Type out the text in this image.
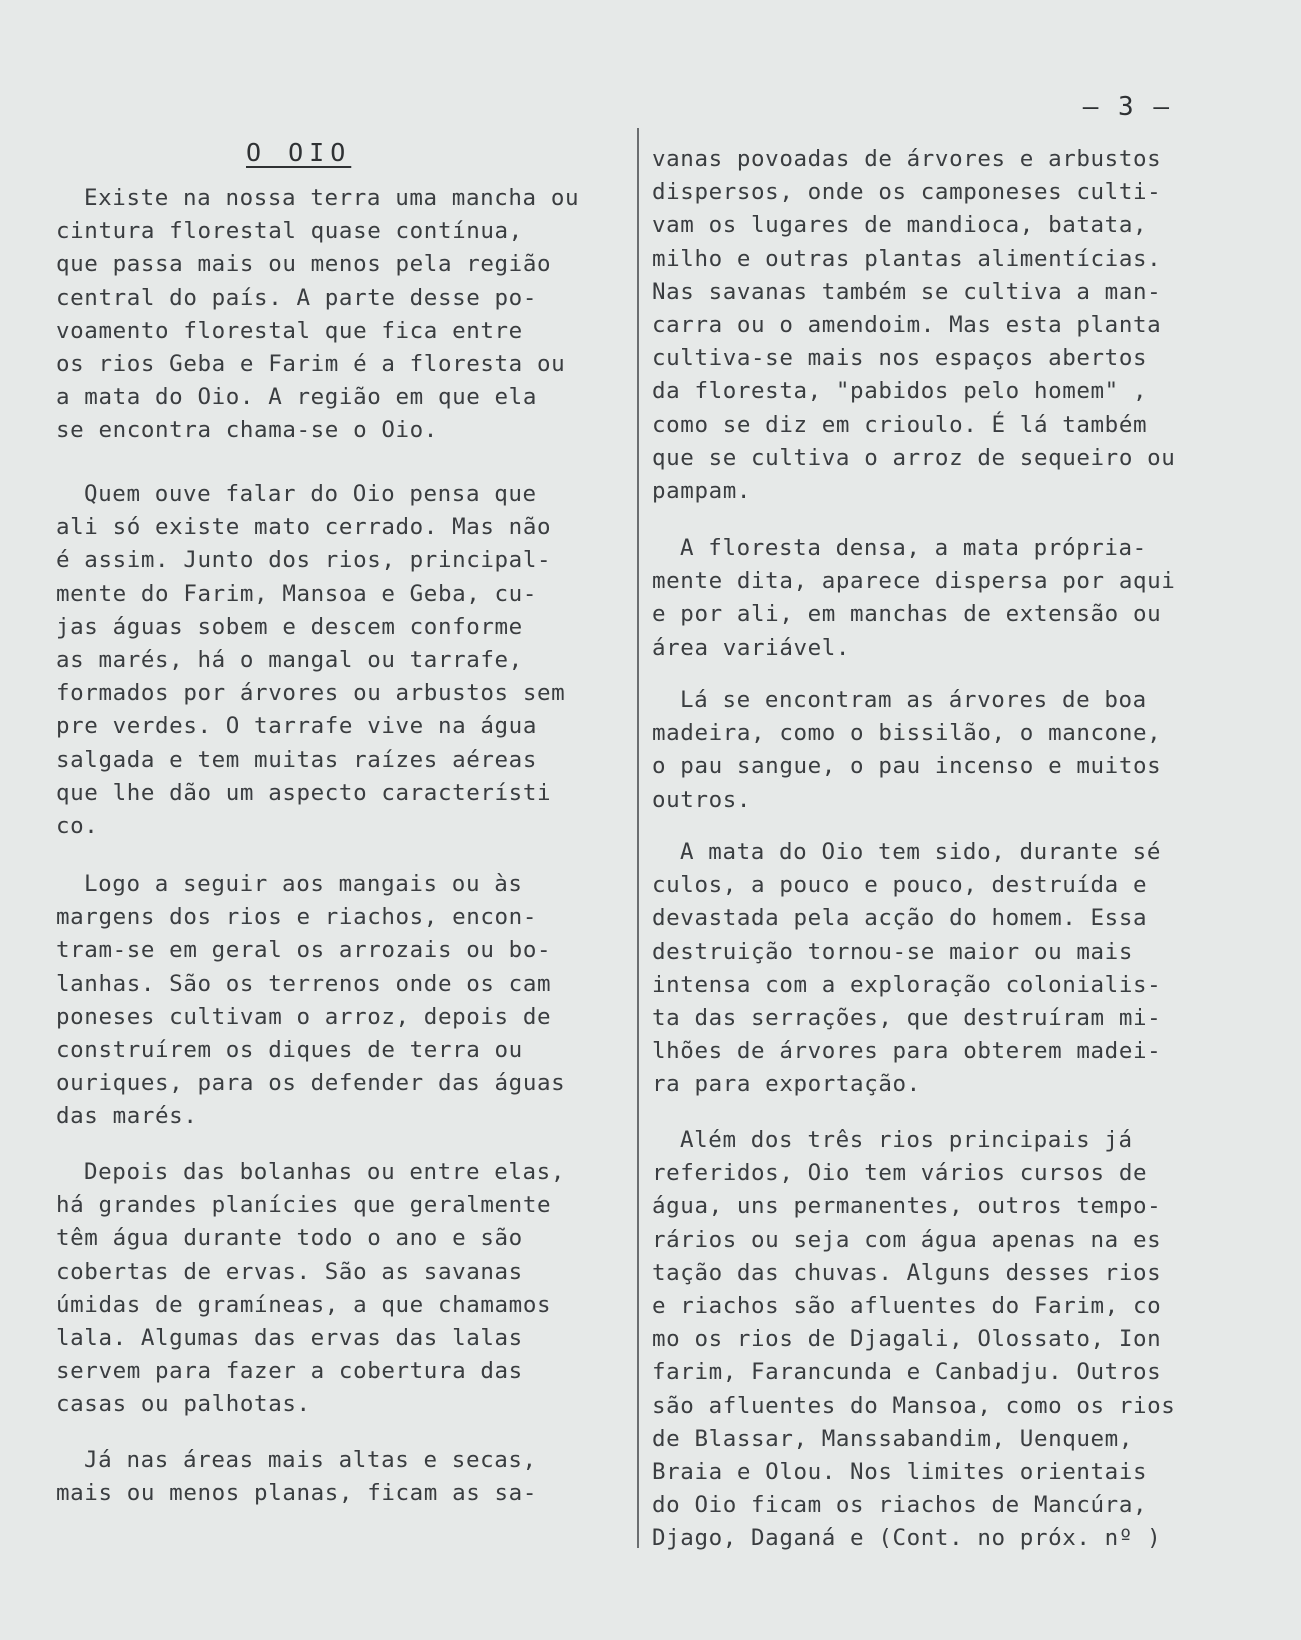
– 3 –
O OIO
Existe na nossa terra uma mancha ou
cintura florestal quase contínua,
que passa mais ou menos pela região
central do país. A parte desse po-
voamento florestal que fica entre
os rios Geba e Farim é a floresta ou
a mata do Oio. A região em que ela
se encontra chama-se o Oio.
Quem ouve falar do Oio pensa que
ali só existe mato cerrado. Mas não
é assim. Junto dos rios, principal-
mente do Farim, Mansoa e Geba, cu-
jas águas sobem e descem conforme
as marés, há o mangal ou tarrafe,
formados por árvores ou arbustos sem
pre verdes. O tarrafe vive na água
salgada e tem muitas raízes aéreas
que lhe dão um aspecto característi
co.
Logo a seguir aos mangais ou às
margens dos rios e riachos, encon-
tram-se em geral os arrozais ou bo-
lanhas. São os terrenos onde os cam
poneses cultivam o arroz, depois de
construírem os diques de terra ou
ouriques, para os defender das águas
das marés.
Depois das bolanhas ou entre elas,
há grandes planícies que geralmente
têm água durante todo o ano e são
cobertas de ervas. São as savanas
úmidas de gramíneas, a que chamamos
lala. Algumas das ervas das lalas
servem para fazer a cobertura das
casas ou palhotas.
Já nas áreas mais altas e secas,
mais ou menos planas, ficam as sa-
vanas povoadas de árvores e arbustos
dispersos, onde os camponeses culti-
vam os lugares de mandioca, batata,
milho e outras plantas alimentícias.
Nas savanas também se cultiva a man-
carra ou o amendoim. Mas esta planta
cultiva-se mais nos espaços abertos
da floresta, "pabidos pelo homem" ,
como se diz em crioulo. É lá também
que se cultiva o arroz de sequeiro ou
pampam.
A floresta densa, a mata própria-
mente dita, aparece dispersa por aqui
e por ali, em manchas de extensão ou
área variável.
Lá se encontram as árvores de boa
madeira, como o bissilão, o mancone,
o pau sangue, o pau incenso e muitos
outros.
A mata do Oio tem sido, durante sé
culos, a pouco e pouco, destruída e
devastada pela acção do homem. Essa
destruição tornou-se maior ou mais
intensa com a exploração colonialis-
ta das serrações, que destruíram mi-
lhões de árvores para obterem madei-
ra para exportação.
Além dos três rios principais já
referidos, Oio tem vários cursos de
água, uns permanentes, outros tempo-
rários ou seja com água apenas na es
tação das chuvas. Alguns desses rios
e riachos são afluentes do Farim, co
mo os rios de Djagali, Olossato, Ion
farim, Farancunda e Canbadju. Outros
são afluentes do Mansoa, como os rios
de Blassar, Manssabandim, Uenquem,
Braia e Olou. Nos limites orientais
do Oio ficam os riachos de Mancúra,
Djago, Daganá e (Cont. no próx. nº )
